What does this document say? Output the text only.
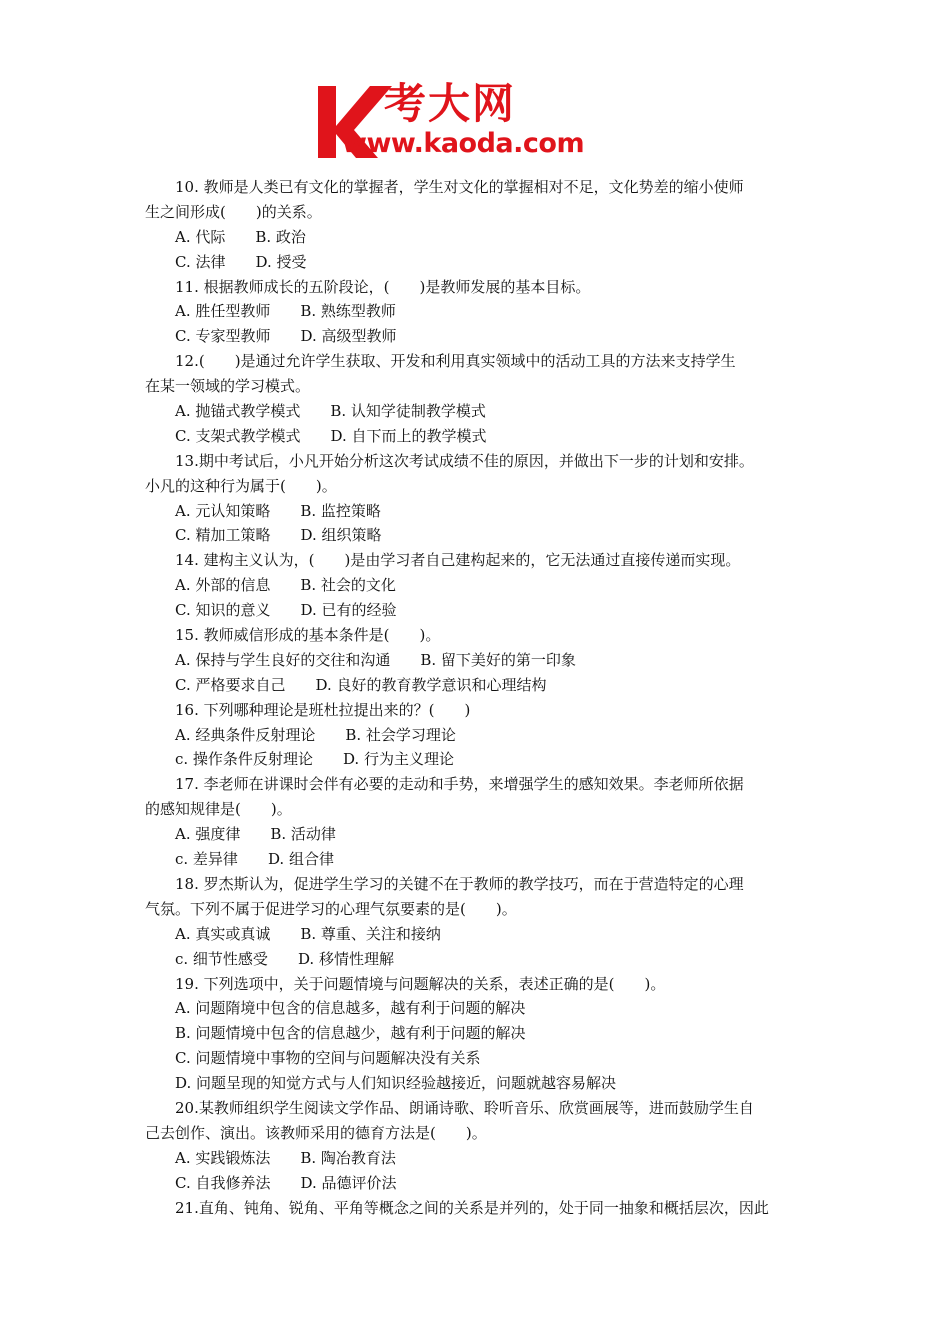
考大网
www.kaoda.com
10. 教师是人类已有文化的掌握者，学生对文化的掌握相对不足，文化势差的缩小使师
生之间形成(　　)的关系。
A. 代际　　B. 政治
C. 法律　　D. 授受
11. 根据教师成长的五阶段论，(　　)是教师发展的基本目标。
A. 胜任型教师　　B. 熟练型教师
C. 专家型教师　　D. 高级型教师
12.(　　)是通过允许学生获取、开发和利用真实领域中的活动工具的方法来支持学生
在某一领域的学习模式。
A. 抛锚式教学模式　　B. 认知学徒制教学模式
C. 支架式教学模式　　D. 自下而上的教学模式
13.期中考试后，小凡开始分析这次考试成绩不佳的原因，并做出下一步的计划和安排。
小凡的这种行为属于(　　)。
A. 元认知策略　　B. 监控策略
C. 精加工策略　　D. 组织策略
14. 建构主义认为，(　　)是由学习者自己建构起来的，它无法通过直接传递而实现。
A. 外部的信息　　B. 社会的文化
C. 知识的意义　　D. 已有的经验
15. 教师威信形成的基本条件是(　　)。
A. 保持与学生良好的交往和沟通　　B. 留下美好的第一印象
C. 严格要求自己　　D. 良好的教育教学意识和心理结构
16. 下列哪种理论是班杜拉提出来的？(　　)
A. 经典条件反射理论　　B. 社会学习理论
c. 操作条件反射理论　　D. 行为主义理论
17. 李老师在讲课时会伴有必要的走动和手势，来增强学生的感知效果。李老师所依据
的感知规律是(　　)。
A. 强度律　　B. 活动律
c. 差异律　　D. 组合律
18. 罗杰斯认为，促进学生学习的关键不在于教师的教学技巧，而在于营造特定的心理
气氛。下列不属于促进学习的心理气氛要素的是(　　)。
A. 真实或真诚　　B. 尊重、关注和接纳
c. 细节性感受　　D. 移情性理解
19. 下列选项中，关于问题情境与问题解决的关系，表述正确的是(　　)。
A. 问题隋境中包含的信息越多，越有利于问题的解决
B. 问题情境中包含的信息越少，越有利于问题的解决
C. 问题情境中事物的空间与问题解决没有关系
D. 问题呈现的知觉方式与人们知识经验越接近，问题就越容易解决
20.某教师组织学生阅读文学作品、朗诵诗歌、聆听音乐、欣赏画展等，进而鼓励学生自
己去创作、演出。该教师采用的德育方法是(　　)。
A. 实践锻炼法　　B. 陶冶教育法
C. 自我修养法　　D. 品德评价法
21.直角、钝角、锐角、平角等概念之间的关系是并列的，处于同一抽象和概括层次，因此
